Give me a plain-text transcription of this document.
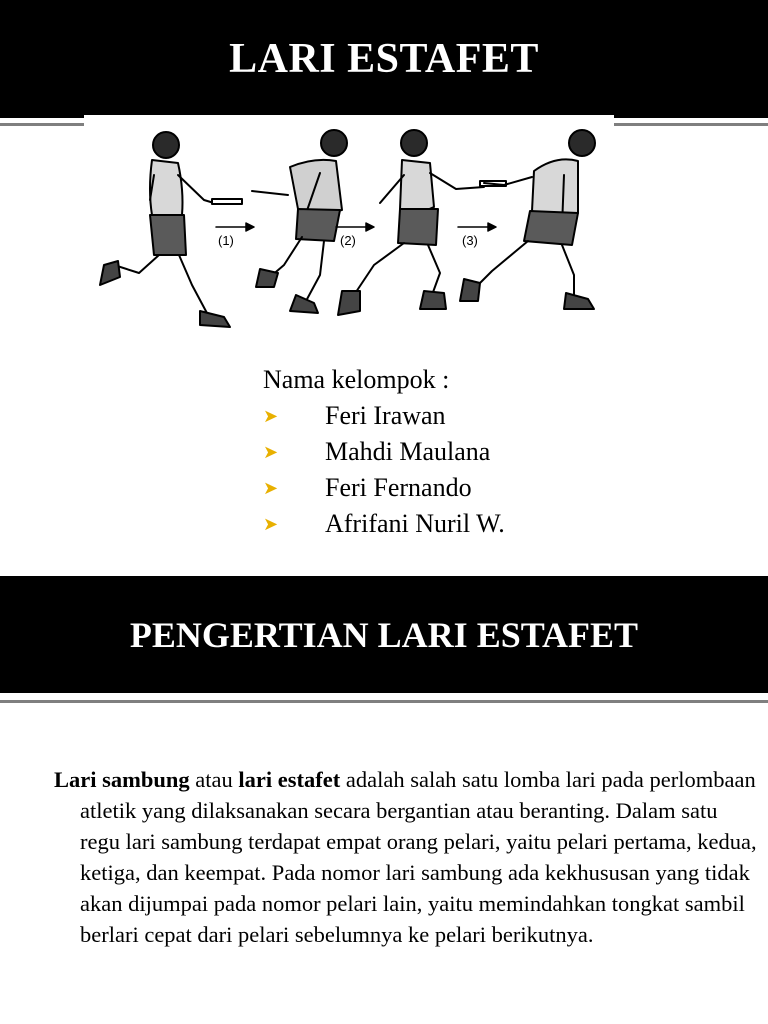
LARI ESTAFET
(1)	(2)	(3)

Nama kelompok :

➤	Feri Irawan
➤	Mahdi Maulana
➤	Feri Fernando
➤	Afrifani Nuril W.
PENGERTIAN LARI ESTAFET
Lari sambung atau lari estafet adalah salah satu lomba lari pada perlombaan atletik yang dilaksanakan secara bergantian atau beranting. Dalam satu regu lari sambung terdapat empat orang pelari, yaitu pelari pertama, kedua, ketiga, dan keempat. Pada nomor lari sambung ada kekhususan yang tidak akan dijumpai pada nomor pelari lain, yaitu memindahkan tongkat sambil berlari cepat dari pelari sebelumnya ke pelari berikutnya.
